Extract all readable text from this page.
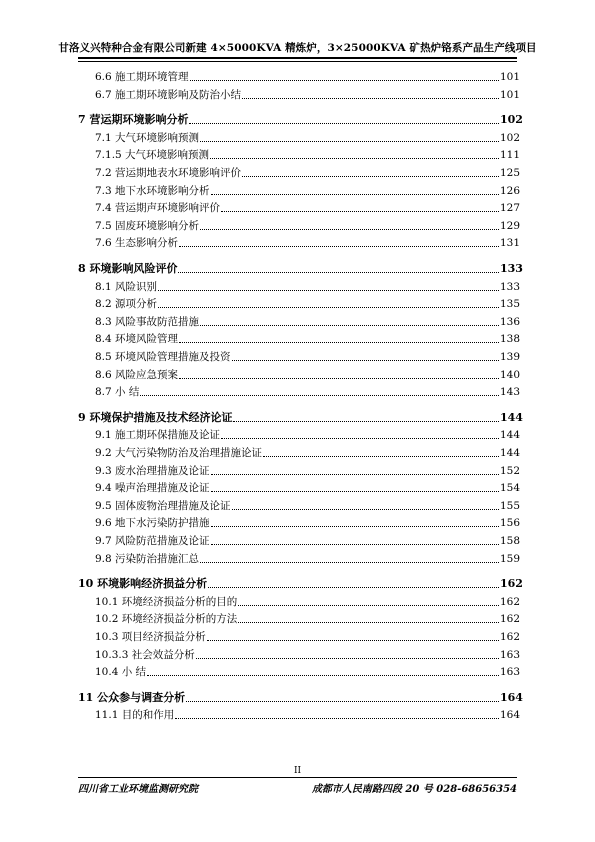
甘洛义兴特种合金有限公司新建 4×5000KVA 精炼炉，3×25000KVA 矿热炉铬系产品生产线项目
6.6 施工期环境管理	101
6.7 施工期环境影响及防治小结	101
7 营运期环境影响分析	102
7.1 大气环境影响预测	102
7.1.5 大气环境影响预测	111
7.2 营运期地表水环境影响评价	125
7.3 地下水环境影响分析	126
7.4 营运期声环境影响评价	127
7.5 固废环境影响分析	129
7.6 生态影响分析	131
8 环境影响风险评价	133
8.1 风险识别	133
8.2 源项分析	135
8.3 风险事故防范措施	136
8.4 环境风险管理	138
8.5 环境风险管理措施及投资	139
8.6 风险应急预案	140
8.7 小 结	143
9 环境保护措施及技术经济论证	144
9.1 施工期环保措施及论证	144
9.2 大气污染物防治及治理措施论证	144
9.3 废水治理措施及论证	152
9.4 噪声治理措施及论证	154
9.5 固体废物治理措施及论证	155
9.6 地下水污染防护措施	156
9.7 风险防范措施及论证	158
9.8 污染防治措施汇总	159
10 环境影响经济损益分析	162
10.1 环境经济损益分析的目的	162
10.2 环境经济损益分析的方法	162
10.3 项目经济损益分析	162
10.3.3 社会效益分析	163
10.4 小 结	163
11 公众参与调查分析	164
11.1 目的和作用	164
II
四川省工业环境监测研究院	成都市人民南路四段 20 号 028-68656354
